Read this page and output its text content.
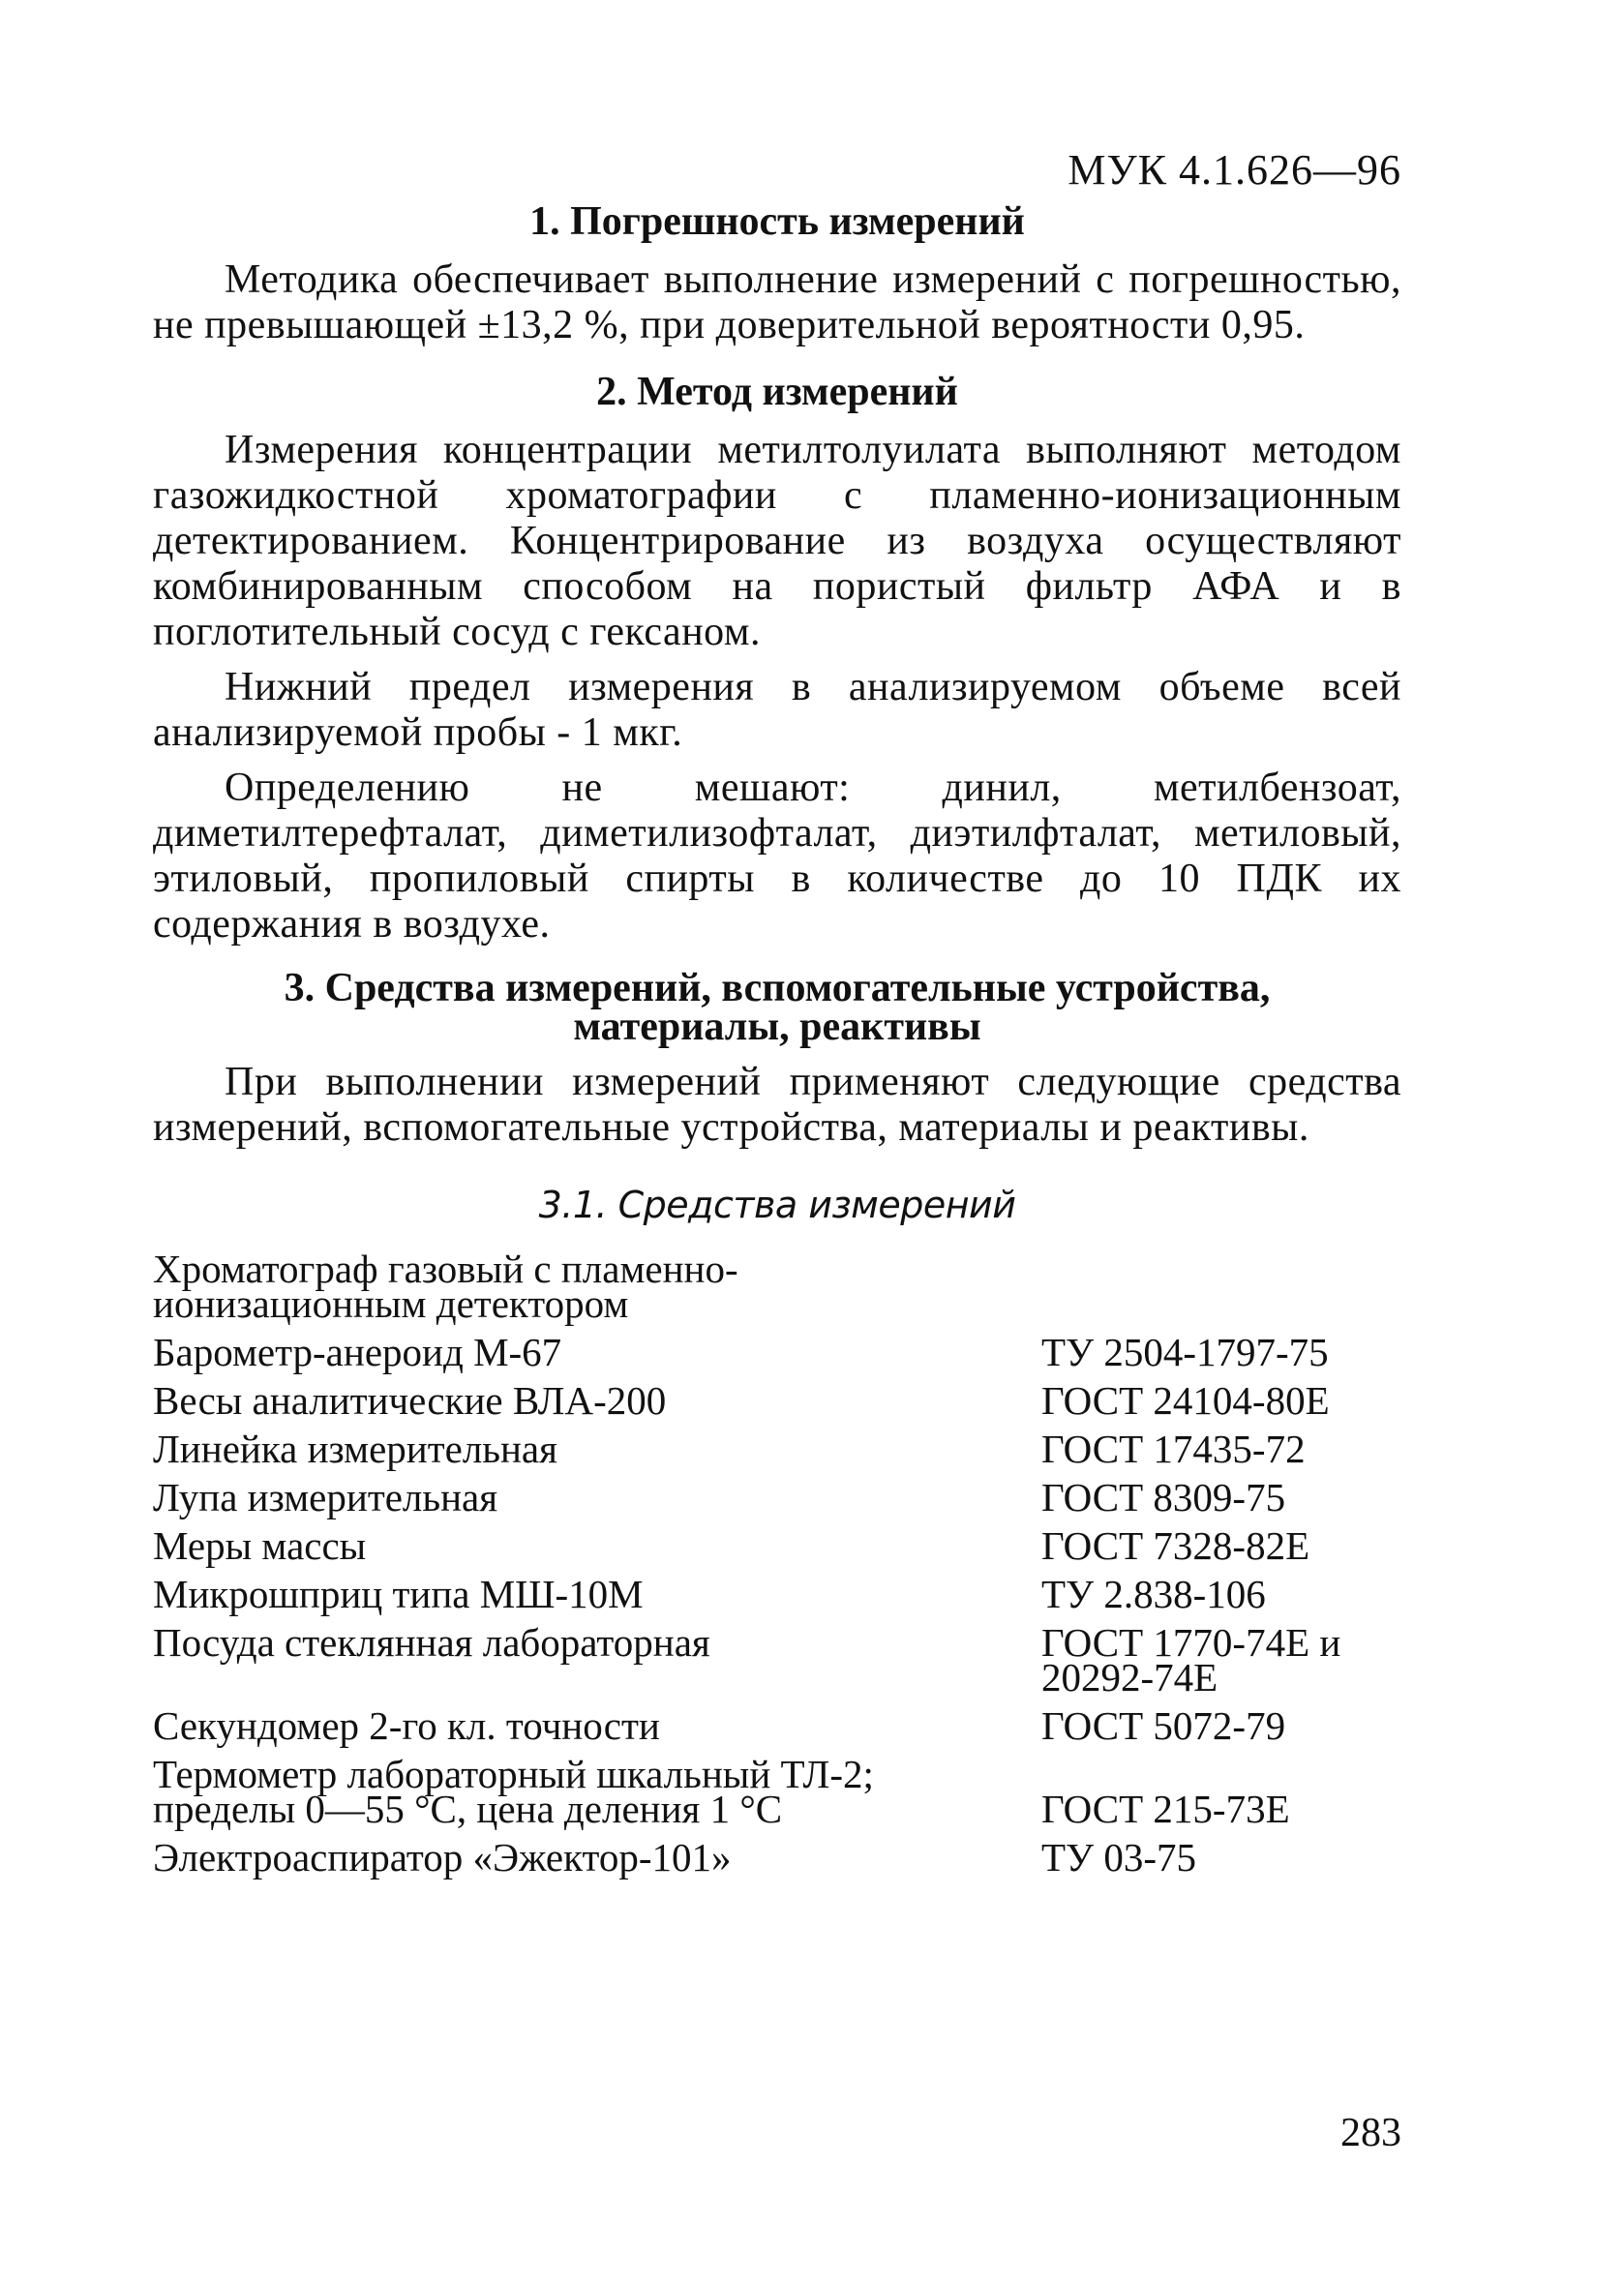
МУК 4.1.626—96
1. Погрешность измерений

Методика обеспечивает выполнение измерений с погрешностью, не превышающей ±13,2 %, при доверительной вероятности 0,95.

2. Метод измерений

Измерения концентрации метилтолуилата выполняют методом газожидкостной хроматографии с пламенно-ионизационным детектированием. Концентрирование из воздуха осуществляют комбинированным способом на пористый фильтр АФА и в поглотительный сосуд с гексаном.

Нижний предел измерения в анализируемом объеме всей анализируемой пробы - 1 мкг.

Определению не мешают: динил, метилбензоат, диметилтерефталат, диметилизофталат, диэтилфталат, метиловый, этиловый, пропиловый спирты в количестве до 10 ПДК их содержания в воздухе.

3. Средства измерений, вспомогательные устройства,
материалы, реактивы

При выполнении измерений применяют следующие средства измерений, вспомогательные устройства, материалы и реактивы.

3.1. Средства измерений
Хроматограф газовый с пламенно-
ионизационным детектором
Барометр-анероид М-67	ТУ 2504-1797-75
Весы аналитические ВЛА-200	ГОСТ 24104-80Е
Линейка измерительная	ГОСТ 17435-72
Лупа измерительная	ГОСТ 8309-75
Меры массы	ГОСТ 7328-82Е
Микрошприц типа МШ-10М	ТУ 2.838-106
Посуда стеклянная лабораторная	ГОСТ 1770-74Е и
20292-74Е
Секундомер 2-го кл. точности	ГОСТ 5072-79
Термометр лабораторный шкальный ТЛ-2;
пределы 0—55 °С, цена деления 1 °С	ГОСТ 215-73Е
Электроаспиратор «Эжектор-101»	ТУ 03-75
283
